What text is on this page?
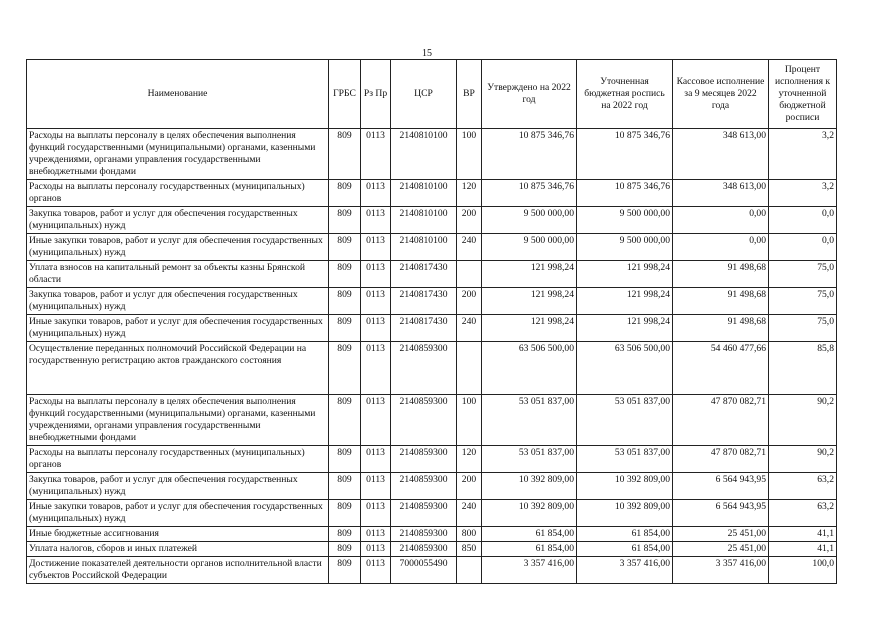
15
Наименование	ГРБС	Рз Пр	ЦСР	ВР	Утверждено на 2022 год	Уточненная бюджетная роспись на 2022 год	Кассовое исполнение за 9 месяцев 2022 года	Процент исполнения к уточненной бюджетной росписи
Расходы на выплаты персоналу в целях обеспечения выполнения функций государственными (муниципальными) органами, казенными учреждениями, органами управления государственными внебюджетными фондами	809	0113	2140810100	100	10 875 346,76	10 875 346,76	348 613,00	3,2
Расходы на выплаты персоналу государственных (муниципальных) органов	809	0113	2140810100	120	10 875 346,76	10 875 346,76	348 613,00	3,2
Закупка товаров, работ и услуг для обеспечения государственных (муниципальных) нужд	809	0113	2140810100	200	9 500 000,00	9 500 000,00	0,00	0,0
Иные закупки товаров, работ и услуг для обеспечения государственных (муниципальных) нужд	809	0113	2140810100	240	9 500 000,00	9 500 000,00	0,00	0,0
Уплата взносов на капитальный ремонт за объекты казны Брянской области	809	0113	2140817430		121 998,24	121 998,24	91 498,68	75,0
Закупка товаров, работ и услуг для обеспечения государственных (муниципальных) нужд	809	0113	2140817430	200	121 998,24	121 998,24	91 498,68	75,0
Иные закупки товаров, работ и услуг для обеспечения государственных (муниципальных) нужд	809	0113	2140817430	240	121 998,24	121 998,24	91 498,68	75,0
Осуществление переданных полномочий Российской Федерации на государственную регистрацию актов гражданского состояния	809	0113	2140859300		63 506 500,00	63 506 500,00	54 460 477,66	85,8
Расходы на выплаты персоналу в целях обеспечения выполнения функций государственными (муниципальными) органами, казенными учреждениями, органами управления государственными внебюджетными фондами	809	0113	2140859300	100	53 051 837,00	53 051 837,00	47 870 082,71	90,2
Расходы на выплаты персоналу государственных (муниципальных) органов	809	0113	2140859300	120	53 051 837,00	53 051 837,00	47 870 082,71	90,2
Закупка товаров, работ и услуг для обеспечения государственных (муниципальных) нужд	809	0113	2140859300	200	10 392 809,00	10 392 809,00	6 564 943,95	63,2
Иные закупки товаров, работ и услуг для обеспечения государственных (муниципальных) нужд	809	0113	2140859300	240	10 392 809,00	10 392 809,00	6 564 943,95	63,2
Иные бюджетные ассигнования	809	0113	2140859300	800	61 854,00	61 854,00	25 451,00	41,1
Уплата налогов, сборов и иных платежей	809	0113	2140859300	850	61 854,00	61 854,00	25 451,00	41,1
Достижение показателей деятельности органов исполнительной власти субъектов Российской Федерации	809	0113	7000055490		3 357 416,00	3 357 416,00	3 357 416,00	100,0
